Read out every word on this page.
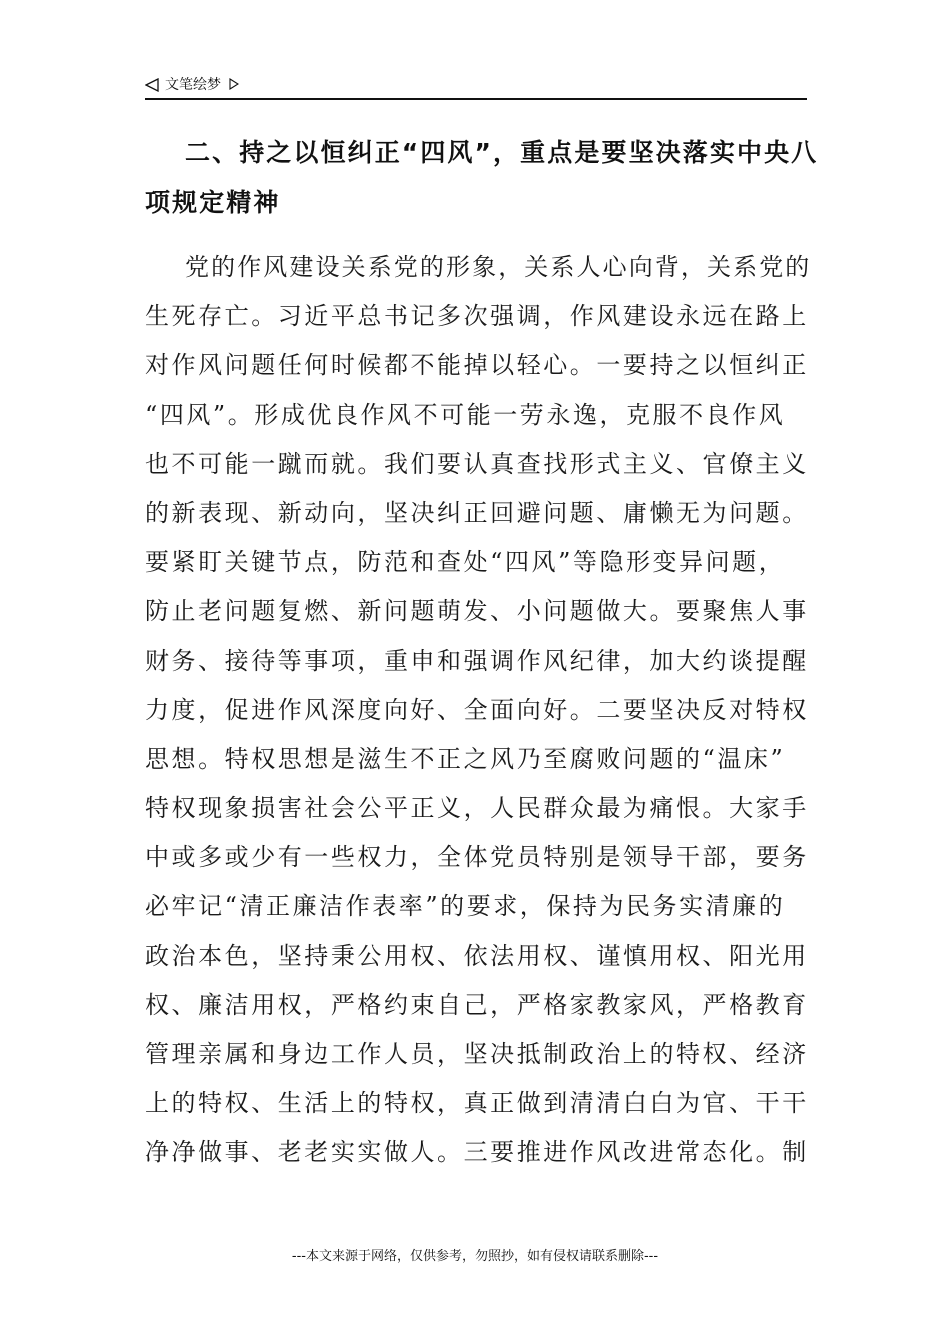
文笔绘梦
二、持之以恒纠正“四风”，重点是要坚决落实中央八
项规定精神
党的作风建设关系党的形象，关系人心向背，关系党的
生死存亡。习近平总书记多次强调，作风建设永远在路上
对作风问题任何时候都不能掉以轻心。一要持之以恒纠正
“四风”。形成优良作风不可能一劳永逸，克服不良作风
也不可能一蹴而就。我们要认真查找形式主义、官僚主义
的新表现、新动向，坚决纠正回避问题、庸懒无为问题。
要紧盯关键节点，防范和查处“四风”等隐形变异问题，
防止老问题复燃、新问题萌发、小问题做大。要聚焦人事
财务、接待等事项，重申和强调作风纪律，加大约谈提醒
力度，促进作风深度向好、全面向好。二要坚决反对特权
思想。特权思想是滋生不正之风乃至腐败问题的“温床”
特权现象损害社会公平正义，人民群众最为痛恨。大家手
中或多或少有一些权力，全体党员特别是领导干部，要务
必牢记“清正廉洁作表率”的要求，保持为民务实清廉的
政治本色，坚持秉公用权、依法用权、谨慎用权、阳光用
权、廉洁用权，严格约束自己，严格家教家风，严格教育
管理亲属和身边工作人员，坚决抵制政治上的特权、经济
上的特权、生活上的特权，真正做到清清白白为官、干干
净净做事、老老实实做人。三要推进作风改进常态化。制
---本文来源于网络，仅供参考，勿照抄，如有侵权请联系删除---
